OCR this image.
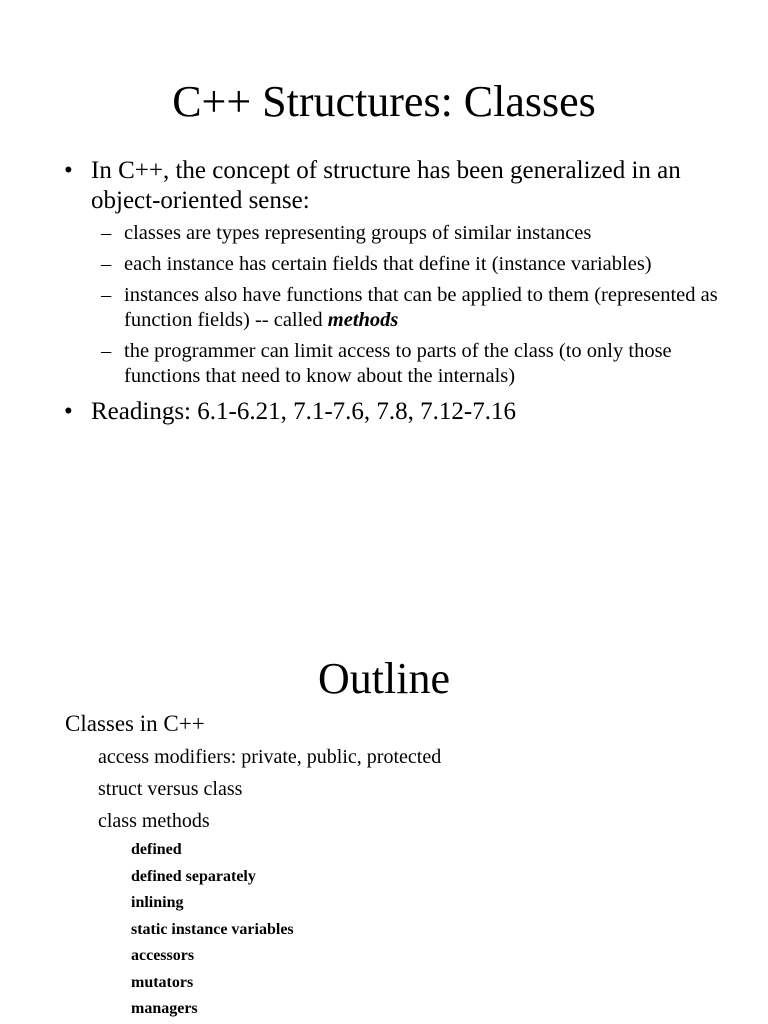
C++ Structures: Classes
• In C++, the concept of structure has been generalized in an object-oriented sense:
– classes are types representing groups of similar instances
– each instance has certain fields that define it (instance variables)
– instances also have functions that can be applied to them (represented as function fields) -- called methods
– the programmer can limit access to parts of the class (to only those functions that need to know about the internals)
• Readings: 6.1-6.21, 7.1-7.6, 7.8, 7.12-7.16
Outline
Classes in C++
access modifiers: private, public, protected
struct versus class
class methods
defined
defined separately
inlining
static instance variables
accessors
mutators
managers
